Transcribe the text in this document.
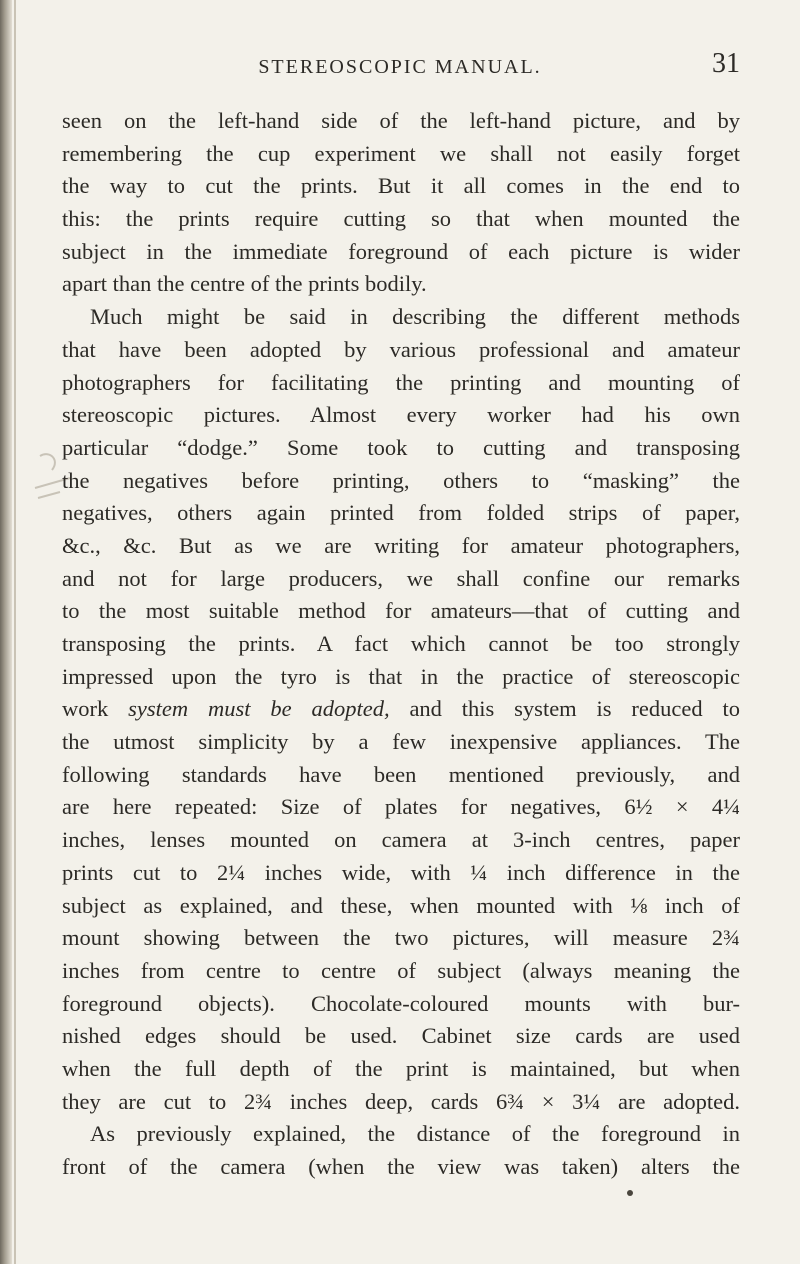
STEREOSCOPIC MANUAL.	31
seen on the left-hand side of the left-hand picture, and by
remembering the cup experiment we shall not easily forget
the way to cut the prints. But it all comes in the end to
this: the prints require cutting so that when mounted the
subject in the immediate foreground of each picture is wider
apart than the centre of the prints bodily.
Much might be said in describing the different methods
that have been adopted by various professional and amateur
photographers for facilitating the printing and mounting of
stereoscopic pictures. Almost every worker had his own
particular “dodge.” Some took to cutting and transposing
the negatives before printing, others to “masking” the
negatives, others again printed from folded strips of paper,
&c., &c. But as we are writing for amateur photographers,
and not for large producers, we shall confine our remarks
to the most suitable method for amateurs—that of cutting and
transposing the prints. A fact which cannot be too strongly
impressed upon the tyro is that in the practice of stereoscopic
work system must be adopted, and this system is reduced to
the utmost simplicity by a few inexpensive appliances. The
following standards have been mentioned previously, and
are here repeated: Size of plates for negatives, 6½ × 4¼
inches, lenses mounted on camera at 3-inch centres, paper
prints cut to 2¼ inches wide, with ¼ inch difference in the
subject as explained, and these, when mounted with ⅛ inch of
mount showing between the two pictures, will measure 2¾
inches from centre to centre of subject (always meaning the
foreground objects). Chocolate-coloured mounts with bur-
nished edges should be used. Cabinet size cards are used
when the full depth of the print is maintained, but when
they are cut to 2¾ inches deep, cards 6¾ × 3¼ are adopted.
As previously explained, the distance of the foreground in
front of the camera (when the view was taken) alters the
